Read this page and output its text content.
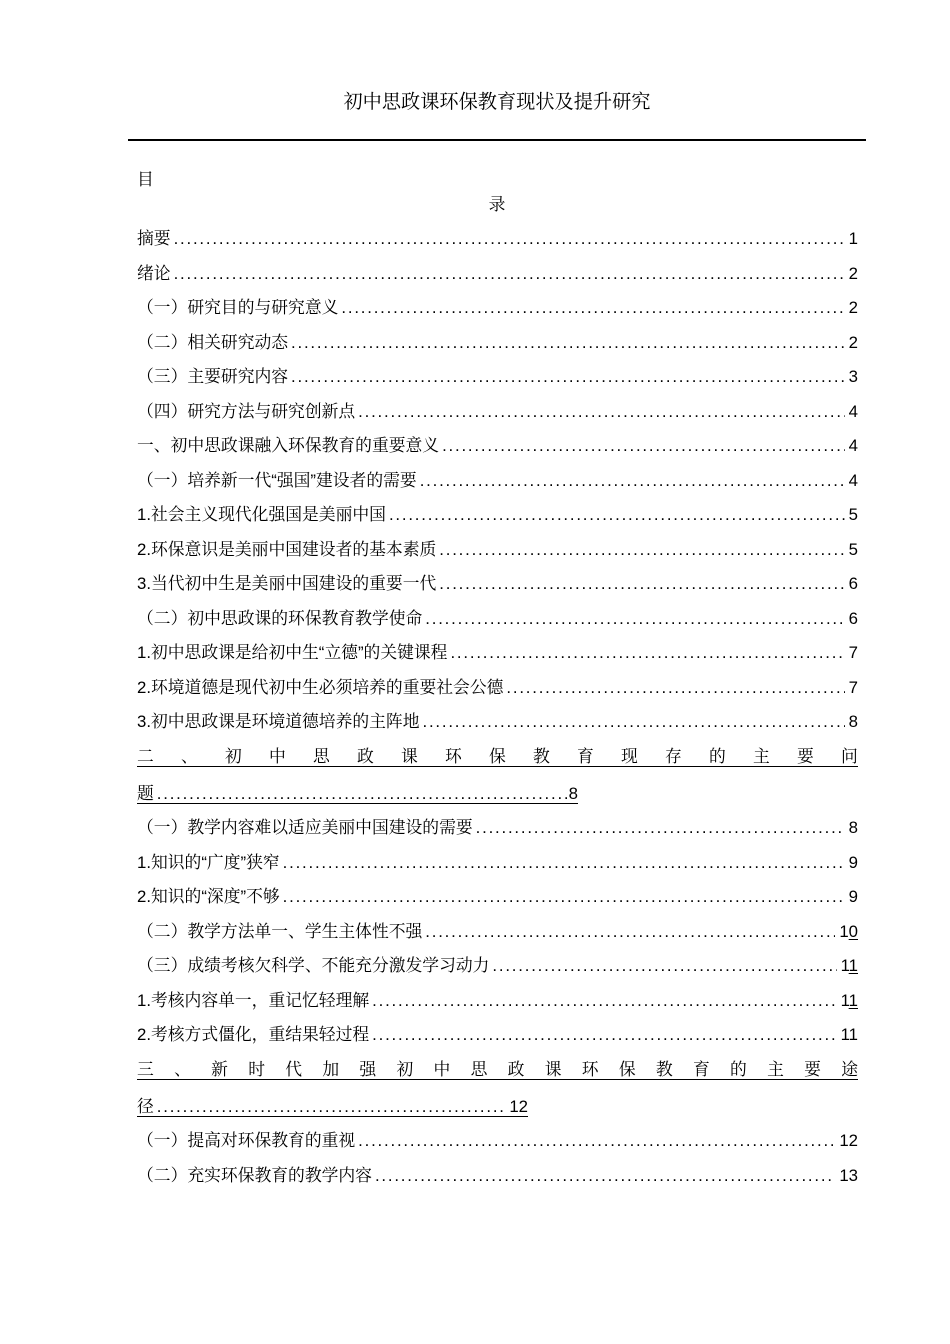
初中思政课环保教育现状及提升研究
目
录
摘要 .....	1
绪论 .....	2
（一）研究目的与研究意义 .....	2
（二）相关研究动态 .....	2
（三）主要研究内容 .....	3
（四）研究方法与研究创新点 .....	4
一、初中思政课融入环保教育的重要意义 .....	4
（一）培养新一代“强国”建设者的需要 .....	4
1.社会主义现代化强国是美丽中国 .....	5
2.环保意识是美丽中国建设者的基本素质 .....	5
3.当代初中生是美丽中国建设的重要一代 .....	6
（二）初中思政课的环保教育教学使命 .....	6
1.初中思政课是给初中生“立德”的关键课程 .....	7
2.环境道德是现代初中生必须培养的重要社会公德 .....	7
3.初中思政课是环境道德培养的主阵地 .....	8
二 、 初 中 思 政 课 环 保 教 育 现 存 的 主 要 问
题 .....	8
（一）教学内容难以适应美丽中国建设的需要 .....	8
1.知识的“广度”狭窄 .....	9
2.知识的“深度”不够 .....	9
（二）教学方法单一、学生主体性不强 .....	10
（三）成绩考核欠科学、不能充分激发学习动力 .....	11
1.考核内容单一，重记忆轻理解 .....	11
2.考核方式僵化，重结果轻过程 .....	11
三 、 新 时 代 加 强 初 中 思 政 课 环 保 教 育 的 主 要 途
径 .....	12
（一）提高对环保教育的重视 .....	12
（二）充实环保教育的教学内容 .....	13
